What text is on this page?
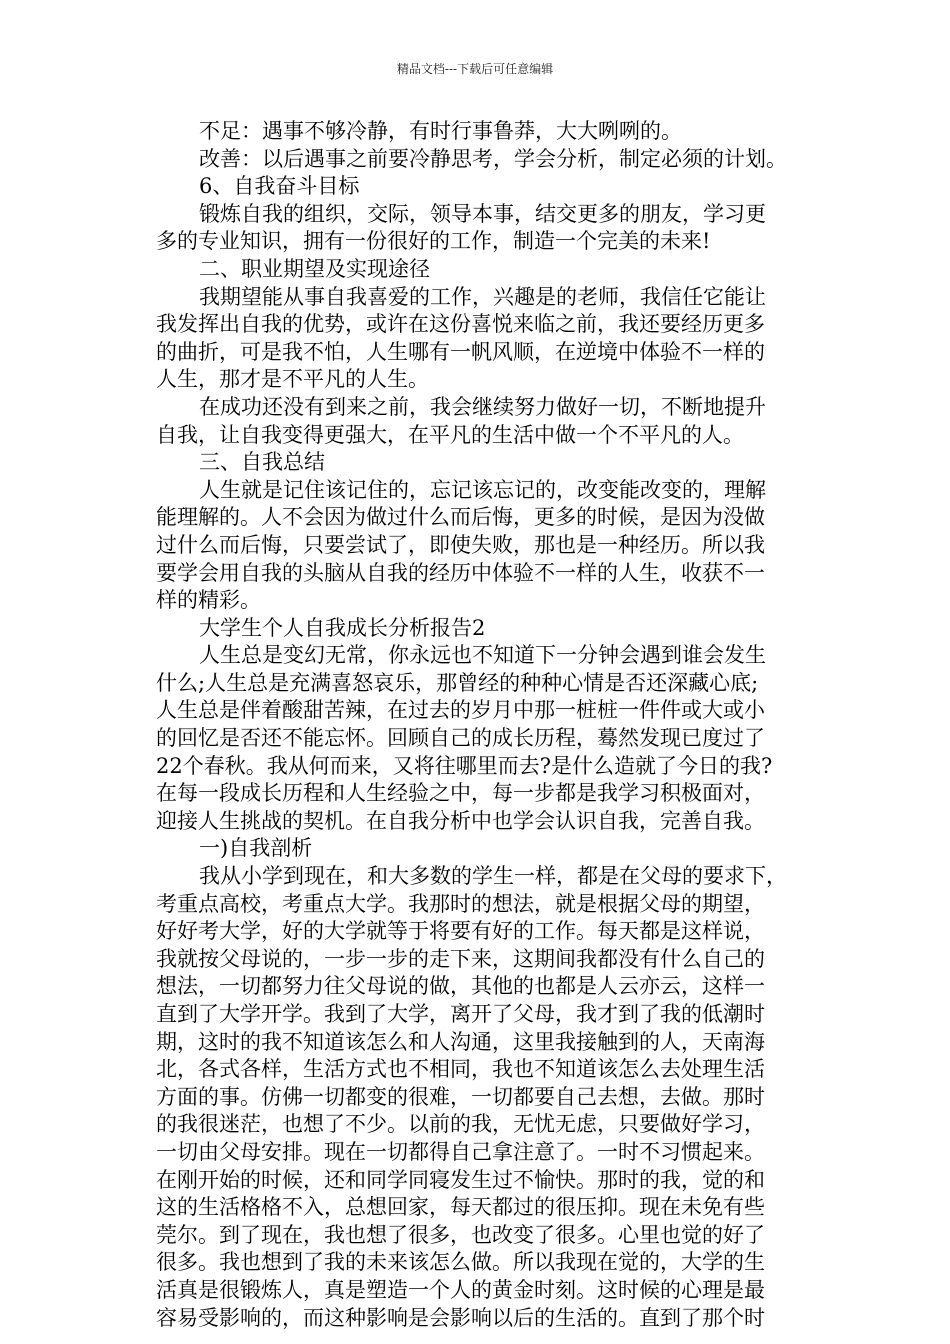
精品文档---下载后可任意编辑
不足：遇事不够冷静，有时行事鲁莽，大大咧咧的。
改善：以后遇事之前要冷静思考，学会分析，制定必须的计划。
6、自我奋斗目标
锻炼自我的组织，交际，领导本事，结交更多的朋友，学习更
多的专业知识，拥有一份很好的工作，制造一个完美的未来!
二、职业期望及实现途径
我期望能从事自我喜爱的工作，兴趣是的老师，我信任它能让
我发挥出自我的优势，或许在这份喜悦来临之前，我还要经历更多
的曲折，可是我不怕，人生哪有一帆风顺，在逆境中体验不一样的
人生，那才是不平凡的人生。
在成功还没有到来之前，我会继续努力做好一切，不断地提升
自我，让自我变得更强大，在平凡的生活中做一个不平凡的人。
三、自我总结
人生就是记住该记住的，忘记该忘记的，改变能改变的，理解
能理解的。人不会因为做过什么而后悔，更多的时候，是因为没做
过什么而后悔，只要尝试了，即使失败，那也是一种经历。所以我
要学会用自我的头脑从自我的经历中体验不一样的人生，收获不一
样的精彩。
大学生个人自我成长分析报告2
人生总是变幻无常，你永远也不知道下一分钟会遇到谁会发生
什么;人生总是充满喜怒哀乐，那曾经的种种心情是否还深藏心底;
人生总是伴着酸甜苦辣，在过去的岁月中那一桩桩一件件或大或小
的回忆是否还不能忘怀。回顾自己的成长历程，蓦然发现已度过了
22个春秋。我从何而来，又将往哪里而去?是什么造就了今日的我?
在每一段成长历程和人生经验之中，每一步都是我学习积极面对，
迎接人生挑战的契机。在自我分析中也学会认识自我，完善自我。
一)自我剖析
我从小学到现在，和大多数的学生一样，都是在父母的要求下，
考重点高校，考重点大学。我那时的想法，就是根据父母的期望，
好好考大学，好的大学就等于将要有好的工作。每天都是这样说，
我就按父母说的，一步一步的走下来，这期间我都没有什么自己的
想法，一切都努力往父母说的做，其他的也都是人云亦云，这样一
直到了大学开学。我到了大学，离开了父母，我才到了我的低潮时
期，这时的我不知道该怎么和人沟通，这里我接触到的人，天南海
北，各式各样，生活方式也不相同，我也不知道该怎么去处理生活
方面的事。仿佛一切都变的很难，一切都要自己去想，去做。那时
的我很迷茫，也想了不少。以前的我，无忧无虑，只要做好学习，
一切由父母安排。现在一切都得自己拿注意了。一时不习惯起来。
在刚开始的时候，还和同学同寝发生过不愉快。那时的我，觉的和
这的生活格格不入，总想回家，每天都过的很压抑。现在未免有些
莞尔。到了现在，我也想了很多，也改变了很多。心里也觉的好了
很多。我也想到了我的未来该怎么做。所以我现在觉的，大学的生
活真是很锻炼人，真是塑造一个人的黄金时刻。这时候的心理是最
容易受影响的，而这种影响是会影响以后的生活的。直到了那个时
